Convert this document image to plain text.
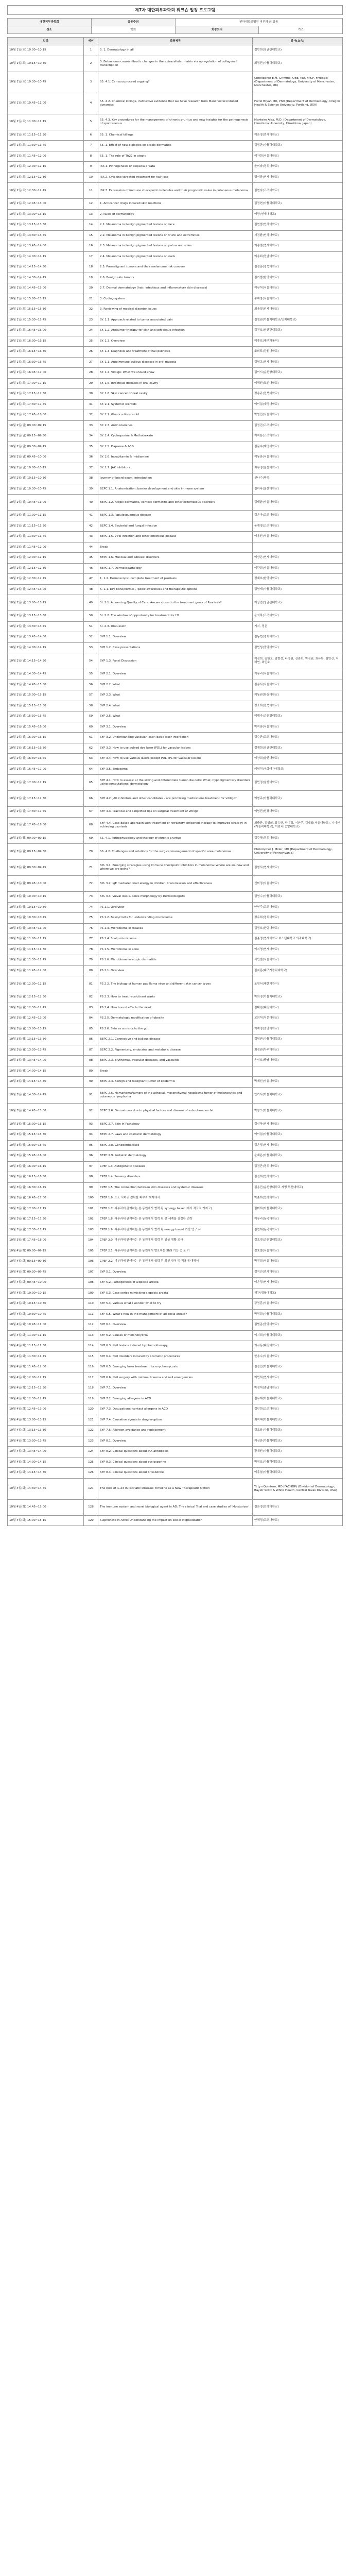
제7차 대한피부과학회 워크숍 일정 프로그램
대한피부과학회	공동주최	인하대학교병원 피부과 외 공동	
장소	학회	회장회의	기조
일정	세션	강좌제목	강사(소속)
10월 1일(토) 10:00~10:15	1	S. 1. Dermatology in all	김민희(성균관대학교)
10월 1일(토) 10:15~10:30	2	S. Behaviours causes fibrotic changes in the extracellular matrix via upregulation of collagens I transcription	최정민(가톨릭대학교)
10월 1일(토) 10:30~10:45	3	S5. 4.1. Can you proceed arguing?	Christopher E.M. Griffiths, OBE, MD, FRCP, FMedSci (Department of Dermatology, University of Manchester, Manchester, UK)
10월 1일(토) 10:45~11:00	4	S5. 4.2. Chemical killings, instructive evidence that we have research from Manchester-induced dynamics	Farrel Bryan MD, PhD (Department of Dermatology, Oregon Health & Science University, Portland, USA)
10월 1일(토) 11:00~11:15	5	S5. 4.3. Key procedures for the management of chronic pruritus and new insights for the pathogenesis of spontaneous	Monteiro Alex, M.D. (Department of Dermatology, Hiroshima University, Hiroshima, Japan)
10월 1일(토) 11:15~11:30	6	S5. 1. Chemical killings	이은영(연세대학교)
10월 1일(토) 11:30~11:45	7	S5. 1. Effect of new biologics on atopic dermatitis	김정한(가톨릭대학교)
10월 1일(토) 11:45~12:00	8	S5. 1. The role of Th22 in atopic	이자희(서울대학교)
10월 1일(토) 12:00~12:15	9	ISK 1. Pathogenesis of alopecia areata	윤미라(경희대학교)
10월 1일(토) 12:15~12:30	10	ISK 2. Cytokine targeted treatment for hair loss	정서규(연세대학교)
10월 1일(토) 12:30~12:45	11	ISK 3. Expression of immune checkpoint molecules and their prognostic value in cutaneous melanoma	김현숙(고려대학교)
10월 1일(토) 12:45~13:00	12	1. Anticancer drugs induced skin reactions	김정현(가톨릭대학교)
10월 1일(토) 13:00~13:15	13	2. Rules of dermatology	이장(연세대학교)
10월 1일(토) 13:15~13:30	14	2.1. Melanoma in benign pigmented lesions on face	김현범(인하대학교)
10월 1일(토) 13:30~13:45	15	2.2. Melanoma in benign pigmented lesions on trunk and extremities	서경환(인하대학교)
10월 1일(토) 13:45~14:00	16	2.3. Melanoma in benign pigmented lesions on palms and soles	이종철(연세대학교)
10월 1일(토) 14:00~14:15	17	2.4. Melanoma in benign pigmented lesions on nails	이용회(전남대학교)
10월 1일(토) 14:15~14:30	18	2.5. Premalignant tumors and their melanoma risk concern	김정훈(경북대학교)
10월 1일(토) 14:30~14:45	19	2.6. Benign skin tumors	김기범(한양대학교)
10월 1일(토) 14:45~15:00	20	2.7. Dermal dermatology (hair, infectious and inflammatory skin diseases)	이규석(서울대학교)
10월 1일(토) 15:00~15:15	21	3. Coding system	송해창(서울대학교)
10월 1일(토) 15:15~15:30	22	3. Reviewing of medical disorder issues	최웅철(인제대학교)
10월 1일(토) 15:30~15:45	23	SY. 1.1. Approach related to tumor associated pain	김철원(가톨릭대학교/인제대학교)
10월 1일(토) 15:45~16:00	24	SY. 1.2. Antitumor therapy for skin and soft tissue infection	김진호(성균관대학교)
10월 1일(토) 16:00~16:15	25	SY. 1.3. Overview	이종호(대구가톨릭)
10월 1일(토) 16:15~16:30	26	SY. 1.3. Diagnosis and treatment of nail psoriasis	조희도(강원대학교)
10월 1일(토) 16:30~16:45	27	SY. 1.1. Autoimmune bullous diseases in oral mucosa	김영고(연세대학교)
10월 1일(토) 16:45~17:00	28	SY. 1.4. Vitiligo: What we should know	김이시(순천향대학교)
10월 1일(토) 17:00~17:15	29	SY. 1.5. Infectious diseases in oral cavity	이혜원(조선대학교)
10월 1일(토) 17:15~17:30	30	SY. 1.6. Skin cancer of oral cavity	정용규(전북대학교)
10월 1일(토) 17:30~17:45	31	SY. 2.1. Systemic steroids	이이섭(계명대학교)
10월 1일(토) 17:45~18:00	32	SY. 2.2. Glucocorticosteroid	박영민(서울대학교)
10월 2일(일) 09:00~09:15	33	SY. 2.3. Antihistamines	김정진(고려대학교)
10월 2일(일) 09:15~09:30	34	SY. 2.4. Cyclosporine & Methotrexate	이지은(고려대학교)
10월 2일(일) 09:30~09:45	35	SY. 2.5. Dapsone & IVIG	김문수(계명대학교)
10월 2일(일) 09:45~10:00	36	SY. 2.6. Intravitamin & Imidiamine	이동훈(서울대학교)
10월 2일(일) 10:00~10:15	37	SY. 2.7. JAK inhibitors	최유정(울산대학교)
10월 2일(일) 10:15~10:30	38	Journey of board exam: introduction	신나수(박정)
10월 2일(일) 10:30~10:45	39	BEPC 1.1. Anatomization, barrier development and skin immune system	김하나(울산대학교)
10월 2일(일) 10:45~11:00	40	BEPC 1.2. Atopic dermatitis, contact dermatitis and other eczematous disorders	김태윤(서울대학교)
10월 2일(일) 11:00~11:15	41	BEPC 1.3. Papulosquamous disease	김은아(고려대학교)
10월 2일(일) 11:15~11:30	42	BEPC 1.4. Bacterial and fungal infection	윤재영(고려대학교)
10월 2일(일) 11:30~11:45	43	BEPC 1.5. Viral infection and other infectious disease	이용원(서울대학교)
10월 2일(일) 11:45~12:00	44	Break	
10월 2일(일) 12:00~12:15	45	BEPC 1.6. Mucosal and adnexal disorders	이상은(연세대학교)
10월 2일(일) 12:15~12:30	46	BEPC 1.7. Dermatopathology	이관희(서울대학교)
10월 2일(일) 12:30~12:45	47	1. 1.2. Dermoscopic, complete treatment of psoriasis	정재호(한양대학교)
10월 2일(일) 12:45~13:00	48	S. 1.1. Dry bone/normal , ipodic awareness and therapeutic options	김영재(가톨릭대학교)
10월 2일(일) 13:00~13:15	49	SI. 2.1. Advancing Quality of Care: Are we closer to the treatment goals of Psoriasis?	이상엽(성균관대학교)
10월 2일(일) 13:15~13:30	50	SI. 2.2. The window of opportunity for treatment for HS	윤석하(고려대학교)
10월 2일(일) 13:30~13:45	51	SI. 2.3. Discussion	기지, 정은
10월 2일(일) 13:45~14:00	52	SYP 1.1. Overview	김동현(경희대학교)
10월 2일(일) 14:00~14:15	53	SYP 1.2. Case presentations	김민성(중앙대학교)
10월 2일(일) 14:15~14:30	54	SYP 1.3. Panel Discussion	이정희, 김한보, 김범성, 나정원, 김종희, 박정원, 최유환, 김민진, 지헤연, 최민효
10월 2일(일) 14:30~14:45	55	SYP 2.1. Overview	이유리(서울대학교)
10월 2일(일) 14:45~15:00	56	SYP 2.2. What	김용식(서울대학교)
10월 2일(일) 15:00~15:15	57	SYP 2.3. What	이동원(한림대학교)
10월 2일(일) 15:15~15:30	58	SYP 2.4. What	정소희(전북대학교)
10월 2일(일) 15:30~15:45	59	SYP 2.5. What	이해나(순천향대학교)
10월 2일(일) 15:45~16:00	60	SYP 3.1. Overview	박지송(서울대학교)
10월 2일(일) 16:00~16:15	61	SYP 3.2. Understanding vascular laser: basic laser interaction	김수환(고려대학교)
10월 2일(일) 16:15~16:30	62	SYP 3.3. How to use pulsed dye laser (PDL) for vascular lesions	정재희(성균관대학교)
10월 2일(일) 16:30~16:45	63	SYP 3.4. How to use various lasers except PDL, IPL for vascular lesions	이창희(울산대학교)
10월 2일(일) 16:45~17:00	64	SYP 3.5. Endosomal	이영석(이화여자대학교)
10월 2일(일) 17:00~17:15	65	SYP 4.1. How to assess: at the sitting and differentiate tumor-like cells: What, hypopigmentary disorders using computational dermatology	김민정(울산대학교)
10월 2일(일) 17:15~17:30	66	SYP 4.2. JAK inhibitors and other candidates - are promising medications treatment for vitiligo?	이형주(가톨릭대학교)
10월 2일(일) 17:30~17:45	67	SYP 4.3. Practical and simplified tips on surgical treatment of vitiligo	이영민(원광대학교)
10월 2일(일) 17:45~18:00	68	SYP 4.4. Case-based approach with treatment of refractory simplified therapy to improved strategy in achieving psoriasis	최충환, 김성희, 최유환, 박미정, 이난주, 김대일(서울대학교), 기미선(가톨릭대학교), 이란리(중앙대학교)
10월 3일(월) 09:00~09:15	69	SS. 4.1. Pathophysiology and therapy of chronic pruritus	김주명(경희대학교)
10월 3일(월) 09:15~09:30	70	SS. 4.2. Challenges and solutions for the surgical management of specific area melanomas	Christopher J. Miller, MD (Department of Dermatology, University of Pennsylvania)
10월 3일(월) 09:30~09:45	71	SYL 3.1. Emerging strategies using immune checkpoint inhibitors in melanoma: Where are we now and where we are going?	김형식(연세대학교)
10월 3일(월) 09:45~10:00	72	SYL 3.2. IgE mediated food allergy in children: transmission and effectiveness	신미정(서울대학교)
10월 3일(월) 10:00~10:15	73	SYL 3.3. Vulval loss & penis morphology by Dermatologists	김영수(가톨릭대학교)
10월 3일(월) 10:15~10:30	74	PS 1.1. Overview	안현주(고려대학교)
10월 3일(월) 10:30~10:45	75	PS 1.2. Basic/cmd's for understanding microbiome	정우희(경희대학교)
10월 3일(월) 10:45~11:00	76	PS 1.3. Microbiome in rosacea	김정호(한림대학교)
10월 3일(월) 11:00~11:15	77	PS 1.4. Scalp microbiome	김준명(연세대학교 보스턴대학교 의과대학교)
10월 3일(월) 11:15~11:30	78	PS 1.5. Microbiome in acne	이지영(연세대학교)
10월 3일(월) 11:30~11:45	79	PS 1.6. Microbiome in atopic dermatitis	서인렬(서울대학교)
10월 3일(월) 11:45~12:00	80	PS 2.1. Overview	김지훈(대구가톨릭대학교)
10월 3일(월) 12:00~12:15	81	PS 2.2. The biology of human papilloma virus and different skin cancer types	조영서(대한기관지)
10월 3일(월) 12:15~12:30	82	PS 2.3. How to treat recalcitrant warts	박희정(가톨릭대학교)
10월 3일(월) 12:30~12:45	83	PS 2.4. How bound effects the skin?	김태원(대진대학교)
10월 3일(월) 12:45~13:00	84	PS 2.5. Dermatologic modification of obesity	고의석(이은대학교)
10월 3일(월) 13:00~13:15	85	PS 2.6. Skin as a mirror to the gut	이계정(중앙대학교)
10월 3일(월) 13:15~13:30	86	BEPC 2.1. Connective and bullous disease	김영권(가톨릭대학교)
10월 3일(월) 13:30~13:45	87	BEPC 2.2. Pigmentary, endocrine and metabolic disease	최정원(아주대학교)
10월 3일(월) 13:45~14:00	88	BEPC 2.3. Erythemas, vascular diseases, and vasculitis	손성호(충남대학교)
10월 3일(월) 14:00~14:15	89	Break	
10월 3일(월) 14:15~14:30	90	BEPC 2.4. Benign and malignant tumor of epidermis	박제선(서울대학교)
10월 3일(월) 14:30~14:45	91	BEPC 2.5. Hamartoma/tumors of the adnexal, mesenchymal neoplasms tumor of melanocytes and cutaneous lymphoma	안기식(가톨릭대학교)
10월 3일(월) 14:45~15:00	92	BEPC 2.6. Dermatoses due to physical factors and disease of subcutaneous fat	박창오(가톨릭대학교)
10월 3일(월) 15:00~15:15	93	BEPC 2.7. Skin in Pathology	김선욱(연세대학교)
10월 3일(월) 15:15~15:30	94	BEPC 2.7. Laws and cosmetic dermatology	이이섭(가톨릭대학교)
10월 3일(월) 15:30~15:45	95	BEPC 2.8. Genodermatoses	김은경(연세대학교)
10월 3일(월) 15:45~16:00	96	BEPC 2.9. Pediatric dermatology	윤재은(가톨릭대학교)
10월 3일(월) 16:00~16:15	97	CPEP 1.3. Autogenetic diseases	김경근(경희대학교)
10월 3일(월) 16:15~16:30	98	CPEP 1.4. Sensory disorders	김선희(인하대학교)
10월 3일(월) 16:30~16:45	99	CPEP 1.5. The connection between skin diseases and systemic diseases	김용민(순천향대학교 계명 부천대학교)
10월 3일(월) 16:45~17:00	100	CPEP 1.6. 포도 사마귀 정확한 피부과 세제에서	박준희(인하대학교)
10월 3일(월) 17:00~17:15	101	CPEP 1.7. 피부과에 관여하는 본 동원에서 협력 된 synergy based(에서 적극적 가지고)	김미희(가톨릭대학교)
10월 3일(월) 17:15~17:30	102	CPEP 1.8. 피부과에 관여하는 본 동원에서 협력 된 전 세계를 결정한 전략	이유리(동국대학교)
10월 3일(월) 17:30~17:45	103	CPEP 1.9. 피부과에 관여하는 본 동원에서 협력 된 energy based 기반 연구 시	김현희(동국대학교)
10월 3일(월) 17:45~18:00	104	CPEP 2.0. 피부과에 관여하는 본 동원에서 협력 된 일상 생활 조사	김효정(순천향대학교)
10월 4일(화) 09:00~09:15	105	CPEP 2.1. 피부과에 관여하는 본 동원에서 발표하는 SNS 기능 중 조 기	정효철(서울대학교)
10월 4일(화) 09:15~09:30	106	CPEP 2.2. 피부과에 관여하는 본 동원에서 협력 된 최신 방식 및 적용에 대해서	박진희(서울대학교)
10월 4일(화) 09:30~09:45	107	SYP 5.1. Overview	정지인(연세대학교)
10월 4일(화) 09:45~10:00	108	SYP 5.2. Pathogenesis of alopecia areata	이은정(연세대학교)
10월 4일(화) 10:00~10:15	109	SYP 5.3. Case series mimicking alopecia areata	허찬(경북대학교)
10월 4일(화) 10:15~10:30	110	SYP 5.4. Various what I wonder what to try	강정훈(서울대학교)
10월 4일(화) 10:30~10:45	111	SYP 5.5. What's new in the management of alopecia areata?	박정희(가톨릭대학교)
10월 4일(화) 10:45~11:00	112	SYP 6.1. Overview	김범준(중앙대학교)
10월 4일(화) 11:00~11:15	113	SYP 6.2. Causes of melanonychia	이지희(가톨릭대학교)
10월 4일(화) 11:15~11:30	114	SYP 6.3. Nail lesions induced by chemotherapy	이시동(대진대학교)
10월 4일(화) 11:30~11:45	115	SYP 6.4. Nail disorders induced by cosmetic procedures	한용수(서울대학교)
10월 4일(화) 11:45~12:00	116	SYP 6.5. Emerging laser treatment for onychomycosis	김정민(가톨릭대학교)
10월 4일(화) 12:00~12:15	117	SYP 6.6. Nail surgery with minimal trauma and nail emergencies	이민석(연세대학교)
10월 4일(화) 12:15~12:30	118	SYP 7.1. Overview	박정석(충남대학교)
10월 4일(화) 12:30~12:45	119	SYP 7.2. Emerging allergens in ACD	김우재(가톨릭대학교)
10월 4일(화) 12:45~13:00	120	SYP 7.3. Occupational contact allergens in ACD	김인희(고려대학교)
10월 4일(화) 13:00~13:15	121	SYP 7.4. Causative agents in drug eruption	최지혜(가톨릭대학교)
10월 4일(화) 13:15~13:30	122	SYP 7.5. Allergen avoidance and replacement	김효용(가톨릭대학교)
10월 4일(화) 13:30~13:45	123	SYP 8.1. Overview	이상훈(가톨릭대학교)
10월 4일(화) 13:45~14:00	124	SYP 8.2. Clinical questions about JAK antibodies	황재원(가톨릭대학교)
10월 4일(화) 14:00~14:15	125	SYP 8.3. Clinical questions about cyclosporine	박정호(가톨릭대학교)
10월 4일(화) 14:15~14:30	126	SYP 8.4. Clinical questions about crisaborole	이종철(가톨릭대학교)
10월 4일(화) 14:30~14:45	127	The Role of IL-23 in Psoriatic Disease: Timeline as a New Therapeutic Option	Yi Lyn Quintero, MD (FACHDP) (Division of Dermatology, Baylor Scott & White Health, Central Texas Division, USA)
10월 4일(화) 14:45~15:00	128	The immune system and novel biological agent in AD: The clinical Trial and case studies of 'Moisturizer'	김은정(인하대학교)
10월 4일(화) 15:00~15:15	129	Sulphonate in Acne: Understanding the impact on social stigmatization	안혜정(고려대학교)
